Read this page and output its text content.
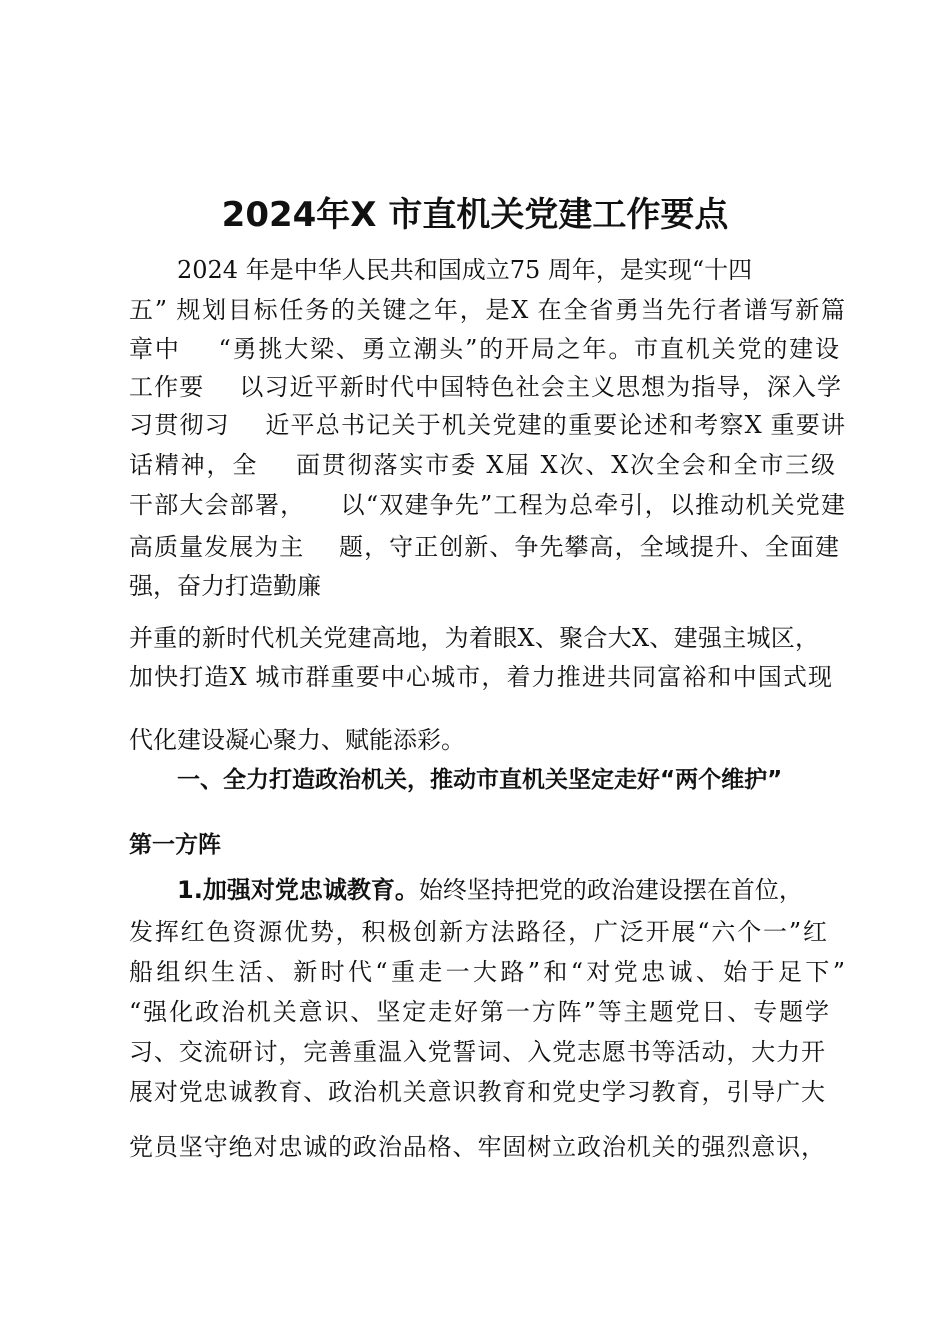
2024年X 市直机关党建工作要点
2024 年是中华人民共和国成立75 周年，是实现“十四
五” 规划目标任务的关键之年，是X 在全省勇当先行者谱写新篇
章中    “勇挑大梁、勇立潮头”的开局之年。市直机关党的建设
工作要    以习近平新时代中国特色社会主义思想为指导，深入学
习贯彻习    近平总书记关于机关党建的重要论述和考察X 重要讲
话精神，全    面贯彻落实市委 X届 X次、X次全会和全市三级
干部大会部署，    以“双建争先”工程为总牵引，以推动机关党建
高质量发展为主    题，守正创新、争先攀高，全域提升、全面建
强，奋力打造勤廉
并重的新时代机关党建高地，为着眼X、聚合大X、建强主城区，
加快打造X 城市群重要中心城市，着力推进共同富裕和中国式现
代化建设凝心聚力、赋能添彩。
一、全力打造政治机关，推动市直机关坚定走好“两个维护”
第一方阵
1.加强对党忠诚教育。始终坚持把党的政治建设摆在首位，
发挥红色资源优势，积极创新方法路径，广泛开展“六个一”红
船组织生活、新时代“重走一大路”和“对党忠诚、始于足下”
“强化政治机关意识、坚定走好第一方阵”等主题党日、专题学
习、交流研讨，完善重温入党誓词、入党志愿书等活动，大力开
展对党忠诚教育、政治机关意识教育和党史学习教育，引导广大
党员坚守绝对忠诚的政治品格、牢固树立政治机关的强烈意识，
